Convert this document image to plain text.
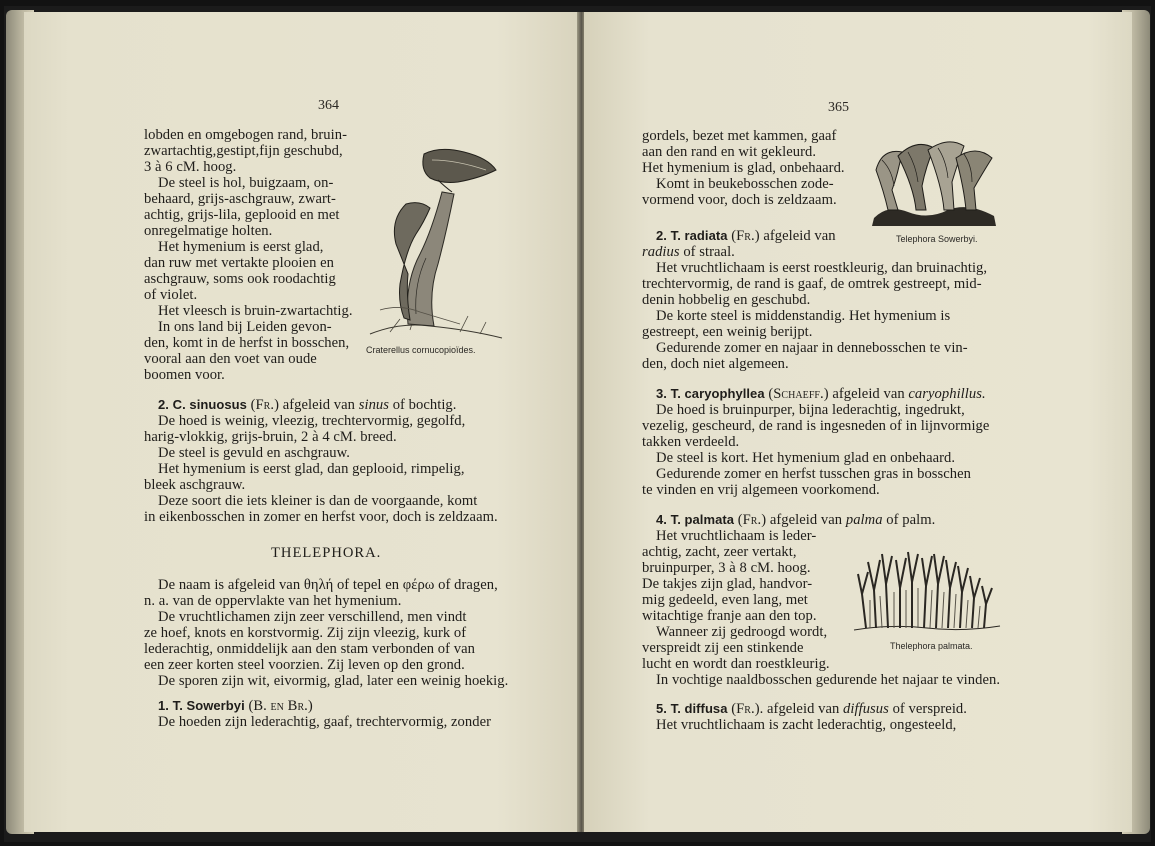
364
lobden en omgebogen rand, bruin-
zwartachtig,gestipt,fijn geschubd,
3 à 6 cM. hoog.
De steel is hol, buigzaam, on-
behaard, grijs-aschgrauw, zwart-
achtig, grijs-lila, geplooid en met
onregelmatige holten.
Het hymenium is eerst glad,
dan ruw met vertakte plooien en
aschgrauw, soms ook roodachtig
of violet.
Het vleesch is bruin-zwartachtig.
In ons land bij Leiden gevon-
den, komt in de herfst in bosschen,
vooral aan den voet van oude
boomen voor.
Craterellus cornucopioïdes.
2. C. sinuosus (Fr.) afgeleid van sinus of bochtig.
De hoed is weinig, vleezig, trechtervormig, gegolfd,
harig-vlokkig, grijs-bruin, 2 à 4 cM. breed.
De steel is gevuld en aschgrauw.
Het hymenium is eerst glad, dan geplooid, rimpelig,
bleek aschgrauw.
Deze soort die iets kleiner is dan de voorgaande, komt
in eikenbosschen in zomer en herfst voor, doch is zeldzaam.
THELEPHORA.
De naam is afgeleid van θηλή of tepel en φέρω of dragen,
n. a. van de oppervlakte van het hymenium.
De vruchtlichamen zijn zeer verschillend, men vindt
ze hoef, knots en korstvormig. Zij zijn vleezig, kurk of
lederachtig, onmiddelijk aan den stam verbonden of van
een zeer korten steel voorzien. Zij leven op den grond.
De sporen zijn wit, eivormig, glad, later een weinig hoekig.
1. T. Sowerbyi (B. en Br.)
De hoeden zijn lederachtig, gaaf, trechtervormig, zonder
365
gordels, bezet met kammen, gaaf
aan den rand en wit gekleurd.
Het hymenium is glad, onbehaard.
Komt in beukebosschen zode-
vormend voor, doch is zeldzaam.
Telephora Sowerbyi.
2. T. radiata (Fr.) afgeleid van
radius of straal.
Het vruchtlichaam is eerst roestkleurig, dan bruinachtig,
trechtervormig, de rand is gaaf, de omtrek gestreept, mid-
denin hobbelig en geschubd.
De korte steel is middenstandig. Het hymenium is
gestreept, een weinig berijpt.
Gedurende zomer en najaar in dennebosschen te vin-
den, doch niet algemeen.
3. T. caryophyllea (Schaeff.) afgeleid van caryophillus.
De hoed is bruinpurper, bijna lederachtig, ingedrukt,
vezelig, gescheurd, de rand is ingesneden of in lijnvormige
takken verdeeld.
De steel is kort. Het hymenium glad en onbehaard.
Gedurende zomer en herfst tusschen gras in bosschen
te vinden en vrij algemeen voorkomend.
4. T. palmata (Fr.) afgeleid van palma of palm.
Het vruchtlichaam is leder-
achtig, zacht, zeer vertakt,
bruinpurper, 3 à 8 cM. hoog.
De takjes zijn glad, handvor-
mig gedeeld, even lang, met
witachtige franje aan den top.
Wanneer zij gedroogd wordt,
verspreidt zij een stinkende
lucht en wordt dan roestkleurig.
In vochtige naaldbosschen gedurende het najaar te vinden.
Thelephora palmata.
5. T. diffusa (Fr.). afgeleid van diffusus of verspreid.
Het vruchtlichaam is zacht lederachtig, ongesteeld,
